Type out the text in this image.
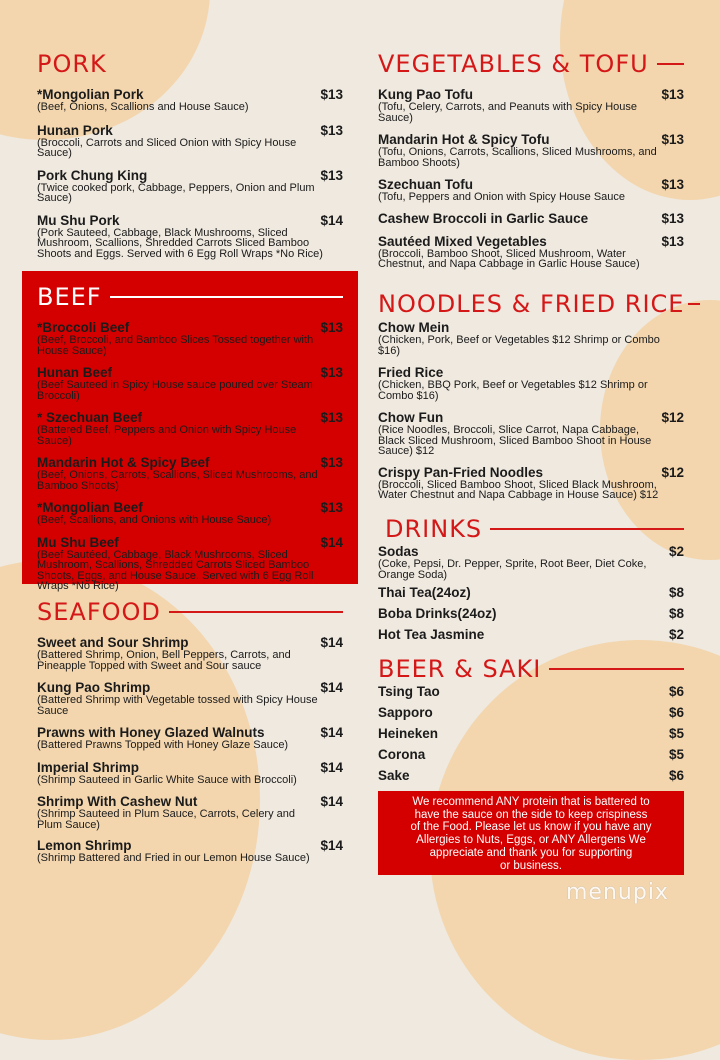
PORK
*Mongolian Pork	$13
(Beef, Onions, Scallions and House Sauce)
Hunan Pork	$13
(Broccoli, Carrots and Sliced Onion with Spicy House Sauce)
Pork Chung King	$13
(Twice cooked pork, Cabbage, Peppers, Onion and Plum Sauce)
Mu Shu Pork	$14
(Pork Sauteed, Cabbage, Black Mushrooms, Sliced Mushroom, Scallions, Shredded Carrots Sliced Bamboo Shoots and Eggs. Served with 6 Egg Roll Wraps *No Rice)
BEEF
*Broccoli Beef	$13
(Beef, Broccoli, and Bamboo Slices Tossed together with House Sauce)
Hunan Beef	$13
(Beef Sauteed in Spicy House sauce poured over Steam Broccoli)
* Szechuan Beef	$13
(Battered Beef, Peppers and Onion with Spicy House Sauce)
Mandarin Hot & Spicy Beef	$13
(Beef, Onions, Carrots, Scallions, Sliced Mushrooms, and Bamboo Shoots)
*Mongolian Beef	$13
(Beef, Scallions, and Onions with House Sauce)
Mu Shu Beef	$14
(Beef Sautéed, Cabbage, Black Mushrooms, Sliced Mushroom, Scallions, Shredded Carrots Sliced Bamboo Shoots, Eggs, and House Sauce. Served with 6 Egg Roll Wraps *No Rice)
SEAFOOD
Sweet and Sour Shrimp	$14
(Battered Shrimp, Onion, Bell Peppers, Carrots, and Pineapple Topped with Sweet and Sour sauce
Kung Pao Shrimp	$14
(Battered Shrimp with Vegetable tossed with Spicy House Sauce
Prawns with Honey Glazed Walnuts	$14
(Battered Prawns Topped with Honey Glaze Sauce)
Imperial Shrimp	$14
(Shrimp Sauteed in Garlic White Sauce with Broccoli)
Shrimp With Cashew Nut	$14
(Shrimp Sauteed in Plum Sauce, Carrots, Celery and Plum Sauce)
Lemon Shrimp	$14
(Shrimp Battered and Fried in our Lemon House Sauce)
VEGETABLES & TOFU
Kung Pao Tofu	$13
(Tofu, Celery, Carrots, and Peanuts with Spicy House Sauce)
Mandarin Hot & Spicy Tofu	$13
(Tofu, Onions, Carrots, Scallions, Sliced Mushrooms, and Bamboo Shoots)
Szechuan Tofu	$13
(Tofu, Peppers and Onion with Spicy House Sauce
Cashew Broccoli in Garlic Sauce	$13
Sautéed Mixed Vegetables	$13
(Broccoli, Bamboo Shoot, Sliced Mushroom, Water Chestnut, and Napa Cabbage in Garlic House Sauce)
NOODLES & FRIED RICE
Chow Mein
(Chicken, Pork, Beef or Vegetables $12 Shrimp or Combo $16)
Fried Rice
(Chicken, BBQ Pork, Beef or Vegetables $12 Shrimp or Combo $16)
Chow Fun	$12
(Rice Noodles, Broccoli, Slice Carrot, Napa Cabbage, Black Sliced Mushroom, Sliced Bamboo Shoot in House Sauce) $12
Crispy Pan-Fried Noodles	$12
(Broccoli, Sliced Bamboo Shoot, Sliced Black Mushroom, Water Chestnut and Napa Cabbage in House Sauce) $12
DRINKS
Sodas	$2
(Coke, Pepsi, Dr. Pepper, Sprite, Root Beer, Diet Coke, Orange Soda)
Thai Tea(24oz)	$8
Boba Drinks(24oz)	$8
Hot Tea Jasmine	$2
BEER & SAKI
Tsing Tao	$6
Sapporo	$6
Heineken	$5
Corona	$5
Sake	$6
We recommend ANY protein that is battered to
have the sauce on the side to keep crispiness
of the Food. Please let us know if you have any
Allergies to Nuts, Eggs, or ANY Allergens We
appreciate and thank you for supporting
or business.
menupix
